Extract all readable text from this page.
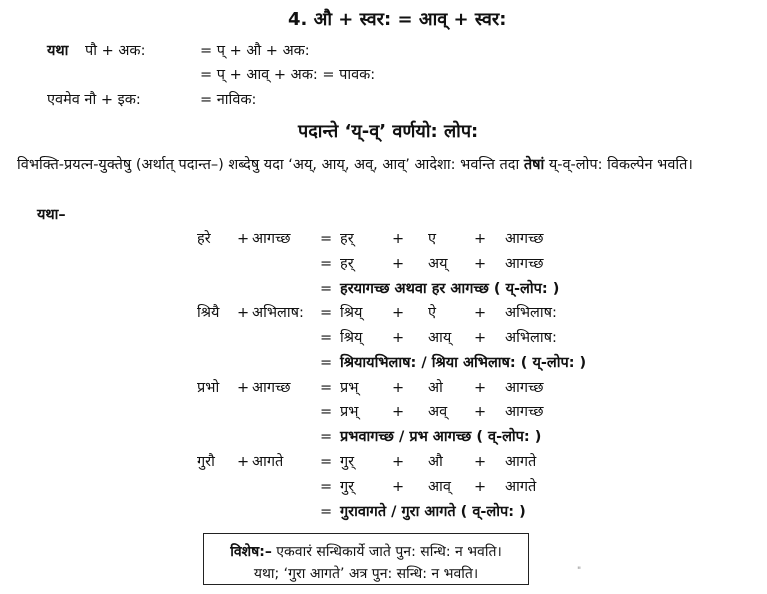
4. औ + स्वर: = आव् + स्वर:
यथा पौ + अक:	= प् + औ + अक:
= प् + आव् + अक: = पावक:
एवमेव नौ + इक:	= नाविक:
पदान्ते ‘य्-व्’ वर्णयो: लोप:
विभक्ति-प्रयत्न-युक्तेषु (अर्थात् पदान्त–) शब्देषु यदा ‘अय्, आय्, अव्, आव्’ आदेशा: भवन्ति तदा तेषां य्-व्-लोप: विकल्पेन भवति।
यथा–
हरे + आगच्छ = हर्	+ ए	+ आगच्छ
= हर्	+ अय् + आगच्छ
= हरयागच्छ अथवा हर आगच्छ ( य्-लोप: )
श्रियै + अभिलाष: = श्रिय् + ऐ	+ अभिलाष:
= श्रिय् + आय् + अभिलाष:
= श्रियायभिलाष: / श्रिया अभिलाष: ( य्-लोप: )
प्रभो + आगच्छ = प्रभ् + ओ + आगच्छ
= प्रभ् + अव् + आगच्छ
= प्रभवागच्छ / प्रभ आगच्छ ( व्-लोप: )
गुरौ + आगते	= गुर्	+ औ + आगते
= गुर्	+ आव् + आगते
= गुरावागते / गुरा आगते ( व्-लोप: )
विशेष:– एकवारं सन्धिकार्ये जाते पुन: सन्धि: न भवति।
यथा; ‘गुरा आगते’ अत्र पुन: सन्धि: न भवति।	"
